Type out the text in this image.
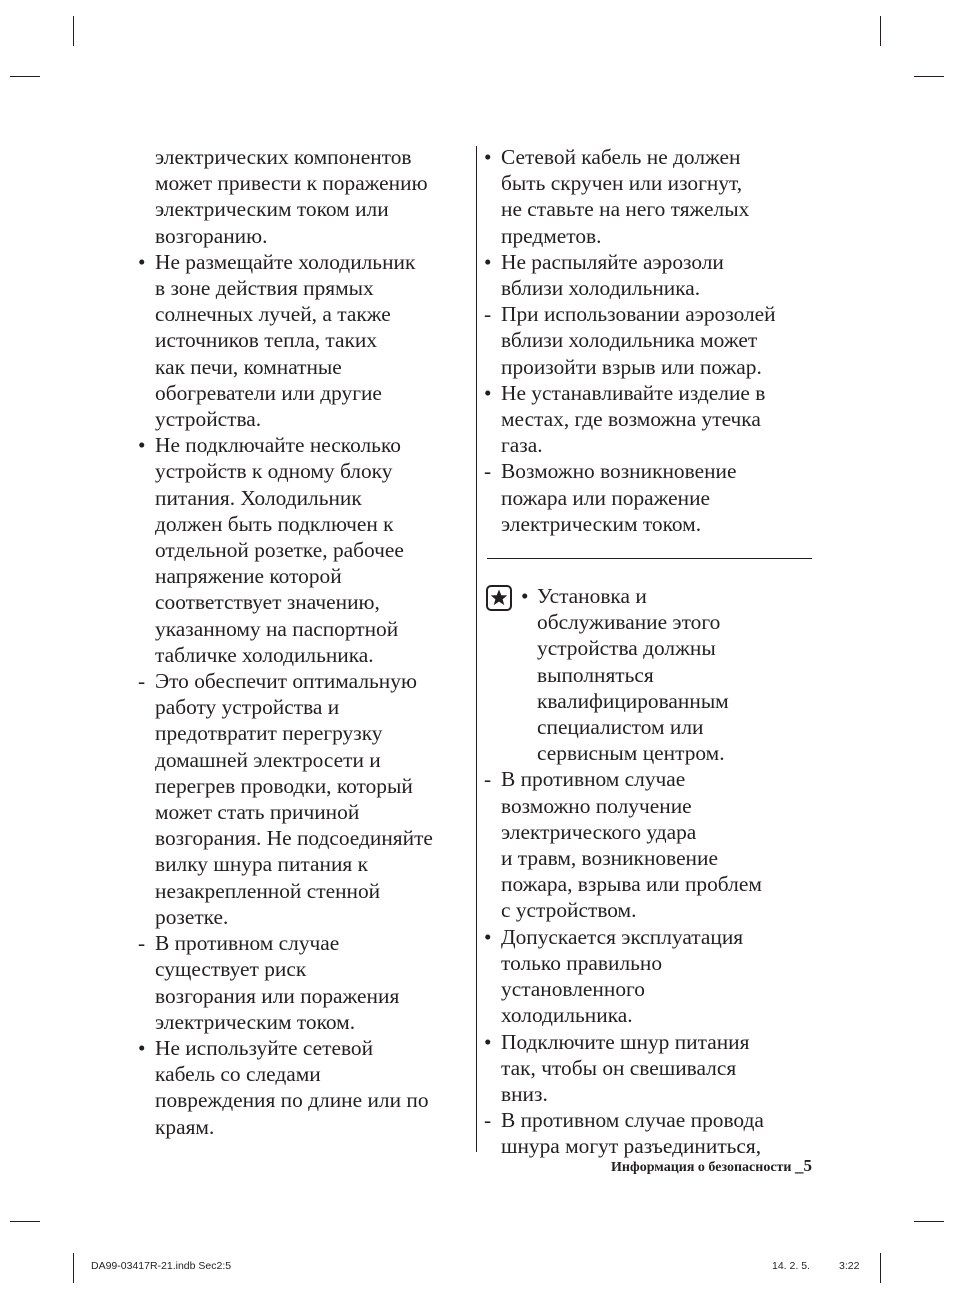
электрических компонентов
может привести к поражению
электрическим током или
возгоранию.
• Не размещайте холодильник
в зоне действия прямых
солнечных лучей, а также
источников тепла, таких
как печи, комнатные
обогреватели или другие
устройства.
• Не подключайте несколько
устройств к одному блоку
питания. Холодильник
должен быть подключен к
отдельной розетке, рабочее
напряжение которой
соответствует значению,
указанному на паспортной
табличке холодильника.
- Это обеспечит оптимальную
работу устройства и
предотвратит перегрузку
домашней электросети и
перегрев проводки, который
может стать причиной
возгорания. Не подсоединяйте
вилку шнура питания к
незакрепленной стенной
розетке.
- В противном случае
существует риск
возгорания или поражения
электрическим током.
• Не используйте сетевой
кабель со следами
повреждения по длине или по
краям.
• Сетевой кабель не должен
быть скручен или изогнут,
не ставьте на него тяжелых
предметов.
• Не распыляйте аэрозоли
вблизи холодильника.
- При использовании аэрозолей
вблизи холодильника может
произойти взрыв или пожар.
• Не устанавливайте изделие в
местах, где возможна утечка
газа.
- Возможно возникновение
пожара или поражение
электрическим током.
• Установка и
обслуживание этого
устройства должны
выполняться
квалифицированным
специалистом или
сервисным центром.
- В противном случае
возможно получение
электрического удара
и травм, возникновение
пожара, взрыва или проблем
с устройством.
• Допускается эксплуатация
только правильно
установленного
холодильника.
• Подключите шнур питания
так, чтобы он свешивался
вниз.
- В противном случае провода
шнура могут разъединиться,
Информация о безопасности _5
DA99-03417R-21.indb Sec2:5	14. 2. 5.	3:22
